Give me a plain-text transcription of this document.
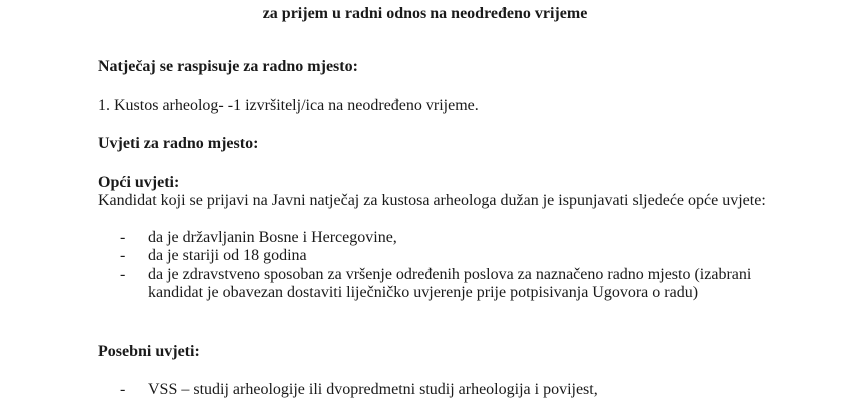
za prijem u radni odnos na neodređeno vrijeme
Natječaj se raspisuje za radno mjesto:
1. Kustos arheolog- -1 izvršitelj/ica na neodređeno vrijeme.
Uvjeti za radno mjesto:
Opći uvjeti:
Kandidat koji se prijavi na Javni natječaj za kustosa arheologa dužan je ispunjavati sljedeće opće uvjete:
-	da je državljanin Bosne i Hercegovine,
-	da je stariji od 18 godina
-	da je zdravstveno sposoban za vršenje određenih poslova za naznačeno radno mjesto (izabrani kandidat je obavezan dostaviti liječničko uvjerenje prije potpisivanja Ugovora o radu)
Posebni uvjeti:
-	VSS – studij arheologije ili dvopredmetni studij arheologija i povijest,
